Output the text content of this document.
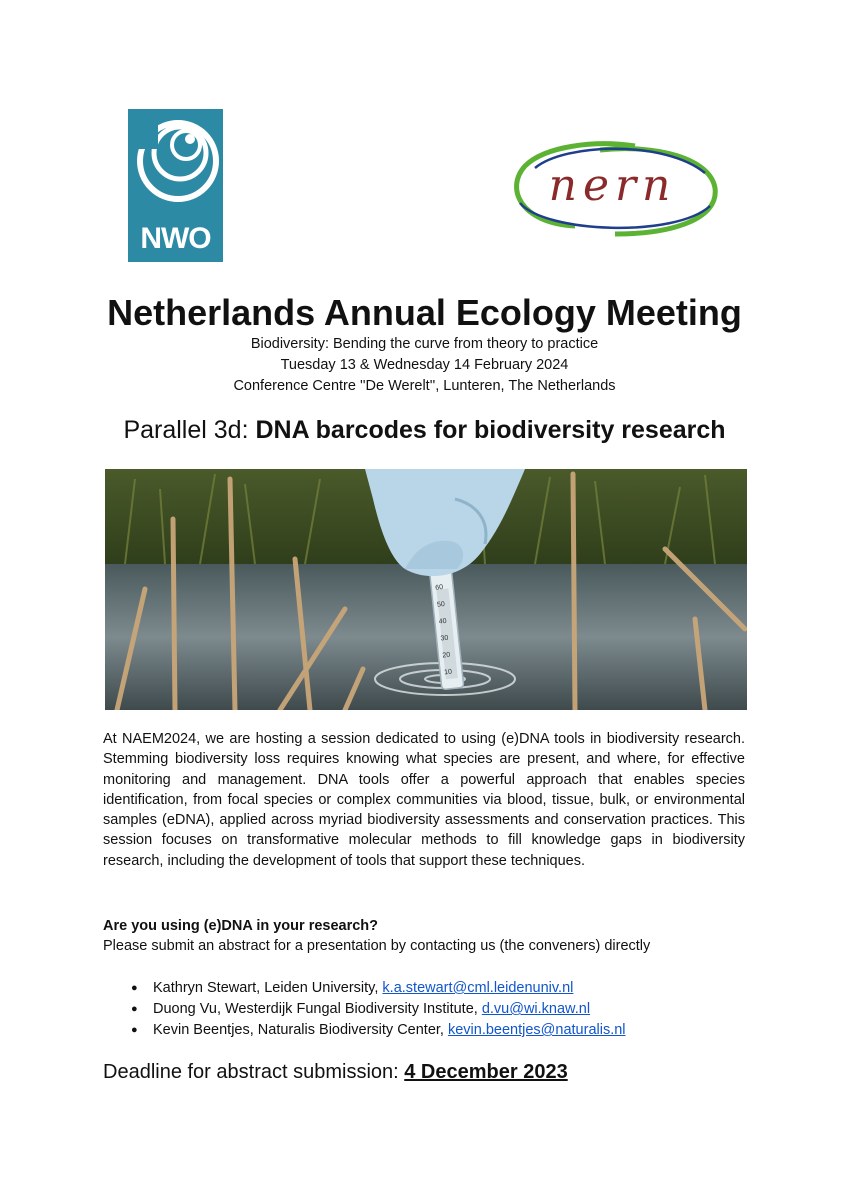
NWO
nern
Netherlands Annual Ecology Meeting
Biodiversity: Bending the curve from theory to practice
Tuesday 13 & Wednesday 14 February 2024
Conference Centre ''De Werelt'', Lunteren, The Netherlands
Parallel 3d: DNA barcodes for biodiversity research
60
50
40
30
20
10
At NAEM2024, we are hosting a session dedicated to using (e)DNA tools in biodiversity research. Stemming biodiversity loss requires knowing what species are present, and where, for effective monitoring and management. DNA tools offer a powerful approach that enables species identification, from focal species or complex communities via blood, tissue, bulk, or environmental samples (eDNA), applied across myriad biodiversity assessments and conservation practices. This session focuses on transformative molecular methods to fill knowledge gaps in biodiversity research, including the development of tools that support these techniques.
Are you using (e)DNA in your research?
Please submit an abstract for a presentation by contacting us (the conveners) directly
● Kathryn Stewart, Leiden University, k.a.stewart@cml.leidenuniv.nl
● Duong Vu, Westerdijk Fungal Biodiversity Institute, d.vu@wi.knaw.nl
● Kevin Beentjes, Naturalis Biodiversity Center, kevin.beentjes@naturalis.nl
Deadline for abstract submission: 4 December 2023
